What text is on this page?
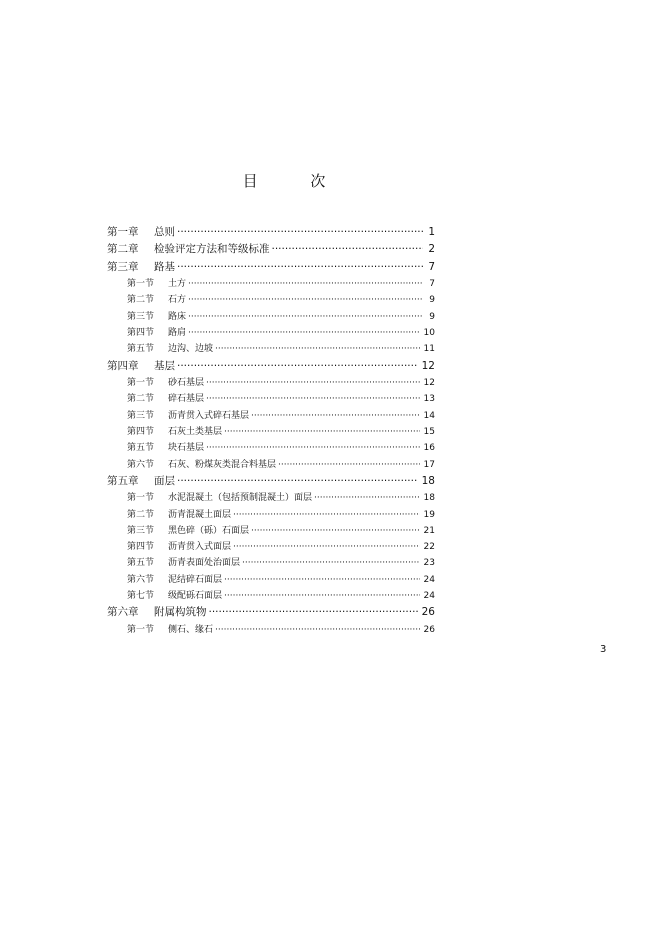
目 次
第一章	总则 ·····	1
第二章	检验评定方法和等级标准 ·····	2
第三章	路基 ·····	7
第一节	土方 ·····	7
第二节	石方 ·····	9
第三节	路床 ·····	9
第四节	路肩 ·····	10
第五节	边沟、边坡 ·····	11
第四章	基层 ·····	12
第一节	砂石基层 ·····	12
第二节	碎石基层 ·····	13
第三节	沥青贯入式碎石基层 ·····	14
第四节	石灰土类基层 ·····	15
第五节	块石基层 ·····	16
第六节	石灰、粉煤灰类混合料基层 ·····	17
第五章	面层 ·····	18
第一节	水泥混凝土（包括预制混凝土）面层 ·····	18
第二节	沥青混凝土面层 ·····	19
第三节	黑色碎（砾）石面层 ·····	21
第四节	沥青贯入式面层 ·····	22
第五节	沥青表面处治面层 ·····	23
第六节	泥结碎石面层 ·····	24
第七节	级配砾石面层 ·····	24
第六章	附属构筑物 ·····	26
第一节	侧石、缘石 ·····	26
3
